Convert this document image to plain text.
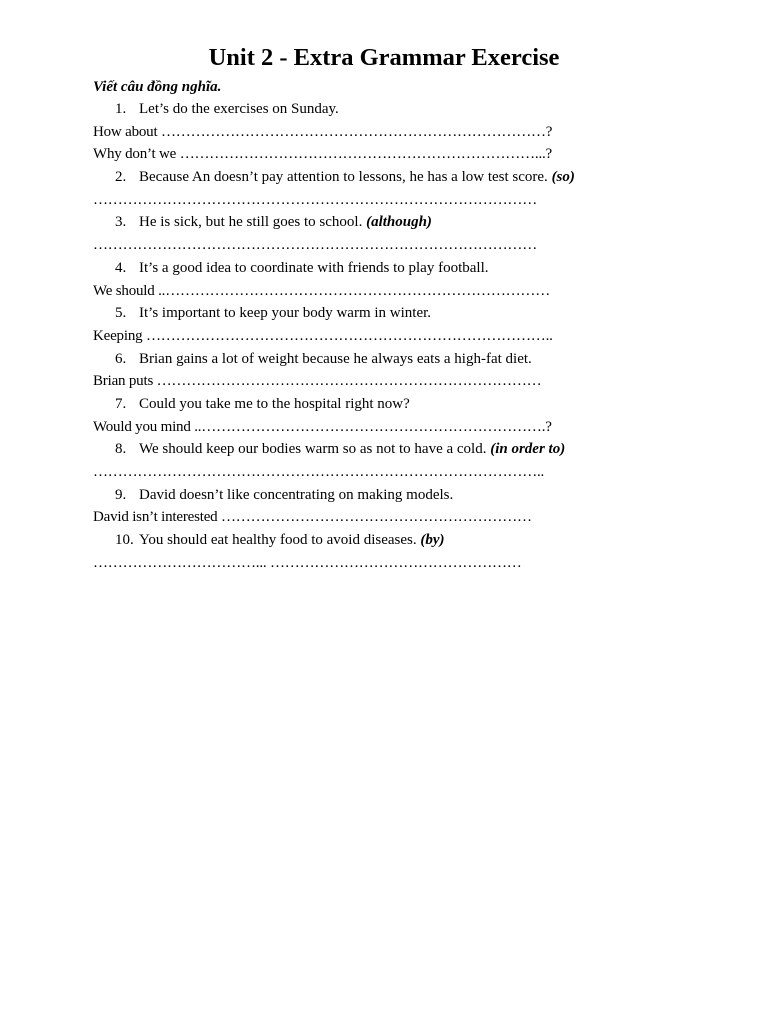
Unit 2 - Extra Grammar Exercise

Viết câu đồng nghĩa.

1. Let’s do the exercises on Sunday.
How about ……………………………………………………………………?
Why don’t we ………………………………………………………………...?
2. Because An doesn’t pay attention to lessons, he has a low test score. (so)
………………………………………………………………………………
3. He is sick, but he still goes to school. (although)
………………………………………………………………………………
4. It’s a good idea to coordinate with friends to play football.
We should ..……………………………………………………………………
5. It’s important to keep your body warm in winter.
Keeping ………………………………………………………………………..
6. Brian gains a lot of weight because he always eats a high-fat diet.
Brian puts ……………………………………………………………………
7. Could you take me to the hospital right now?
Would you mind ..…………………………………………………………….?
8. We should keep our bodies warm so as not to have a cold. (in order to)
………………………………………………………………………………..
9. David doesn’t like concentrating on making models.
David isn’t interested ………………………………………………………
10. You should eat healthy food to avoid diseases. (by)
……………………………... ……………………………………………
